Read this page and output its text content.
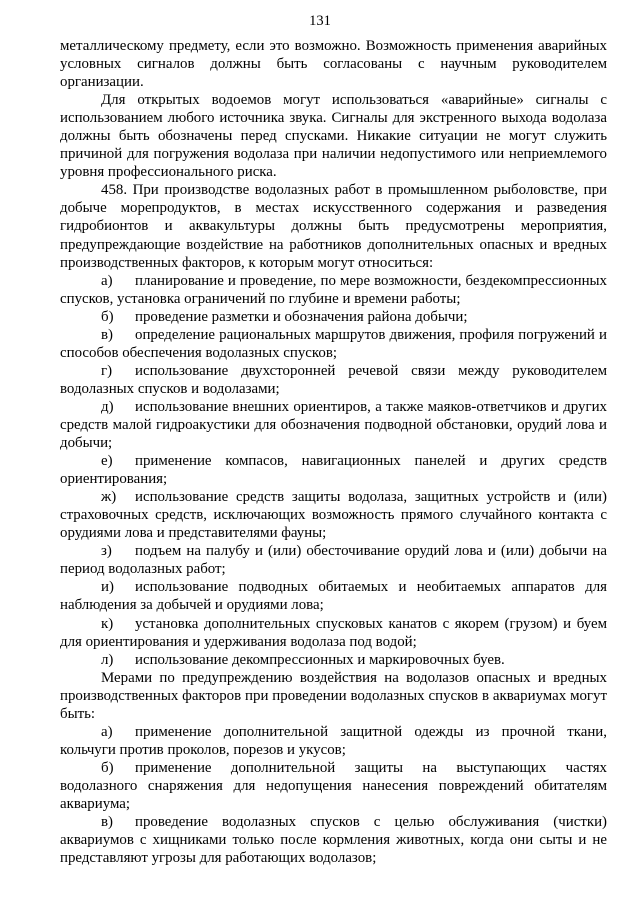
131

металлическому предмету, если это возможно. Возможность применения аварийных условных сигналов должны быть согласованы с научным руководителем организации.

Для открытых водоемов могут использоваться «аварийные» сигналы с использованием любого источника звука. Сигналы для экстренного выхода водолаза должны быть обозначены перед спусками. Никакие ситуации не могут служить причиной для погружения водолаза при наличии недопустимого или неприемлемого уровня профессионального риска.

458. При производстве водолазных работ в промышленном рыболовстве, при добыче морепродуктов, в местах искусственного содержания и разведения гидробионтов и аквакультуры должны быть предусмотрены мероприятия, предупреждающие воздействие на работников дополнительных опасных и вредных производственных факторов, к которым могут относиться:

а) планирование и проведение, по мере возможности, бездекомпрессионных спусков, установка ограничений по глубине и времени работы;

б) проведение разметки и обозначения района добычи;

в) определение рациональных маршрутов движения, профиля погружений и способов обеспечения водолазных спусков;

г) использование двухсторонней речевой связи между руководителем водолазных спусков и водолазами;

д) использование внешних ориентиров, а также маяков-ответчиков и других средств малой гидроакустики для обозначения подводной обстановки, орудий лова и добычи;

е) применение компасов, навигационных панелей и других средств ориентирования;

ж) использование средств защиты водолаза, защитных устройств и (или) страховочных средств, исключающих возможность прямого случайного контакта с орудиями лова и представителями фауны;

з) подъем на палубу и (или) обесточивание орудий лова и (или) добычи на период водолазных работ;

и) использование подводных обитаемых и необитаемых аппаратов для наблюдения за добычей и орудиями лова;

к) установка дополнительных спусковых канатов с якорем (грузом) и буем для ориентирования и удерживания водолаза под водой;

л) использование декомпрессионных и маркировочных буев.

Мерами по предупреждению воздействия на водолазов опасных и вредных производственных факторов при проведении водолазных спусков в аквариумах могут быть:

а) применение дополнительной защитной одежды из прочной ткани, кольчуги против проколов, порезов и укусов;

б) применение дополнительной защиты на выступающих частях водолазного снаряжения для недопущения нанесения повреждений обитателям аквариума;

в) проведение водолазных спусков с целью обслуживания (чистки) аквариумов с хищниками только после кормления животных, когда они сыты и не представляют угрозы для работающих водолазов;
